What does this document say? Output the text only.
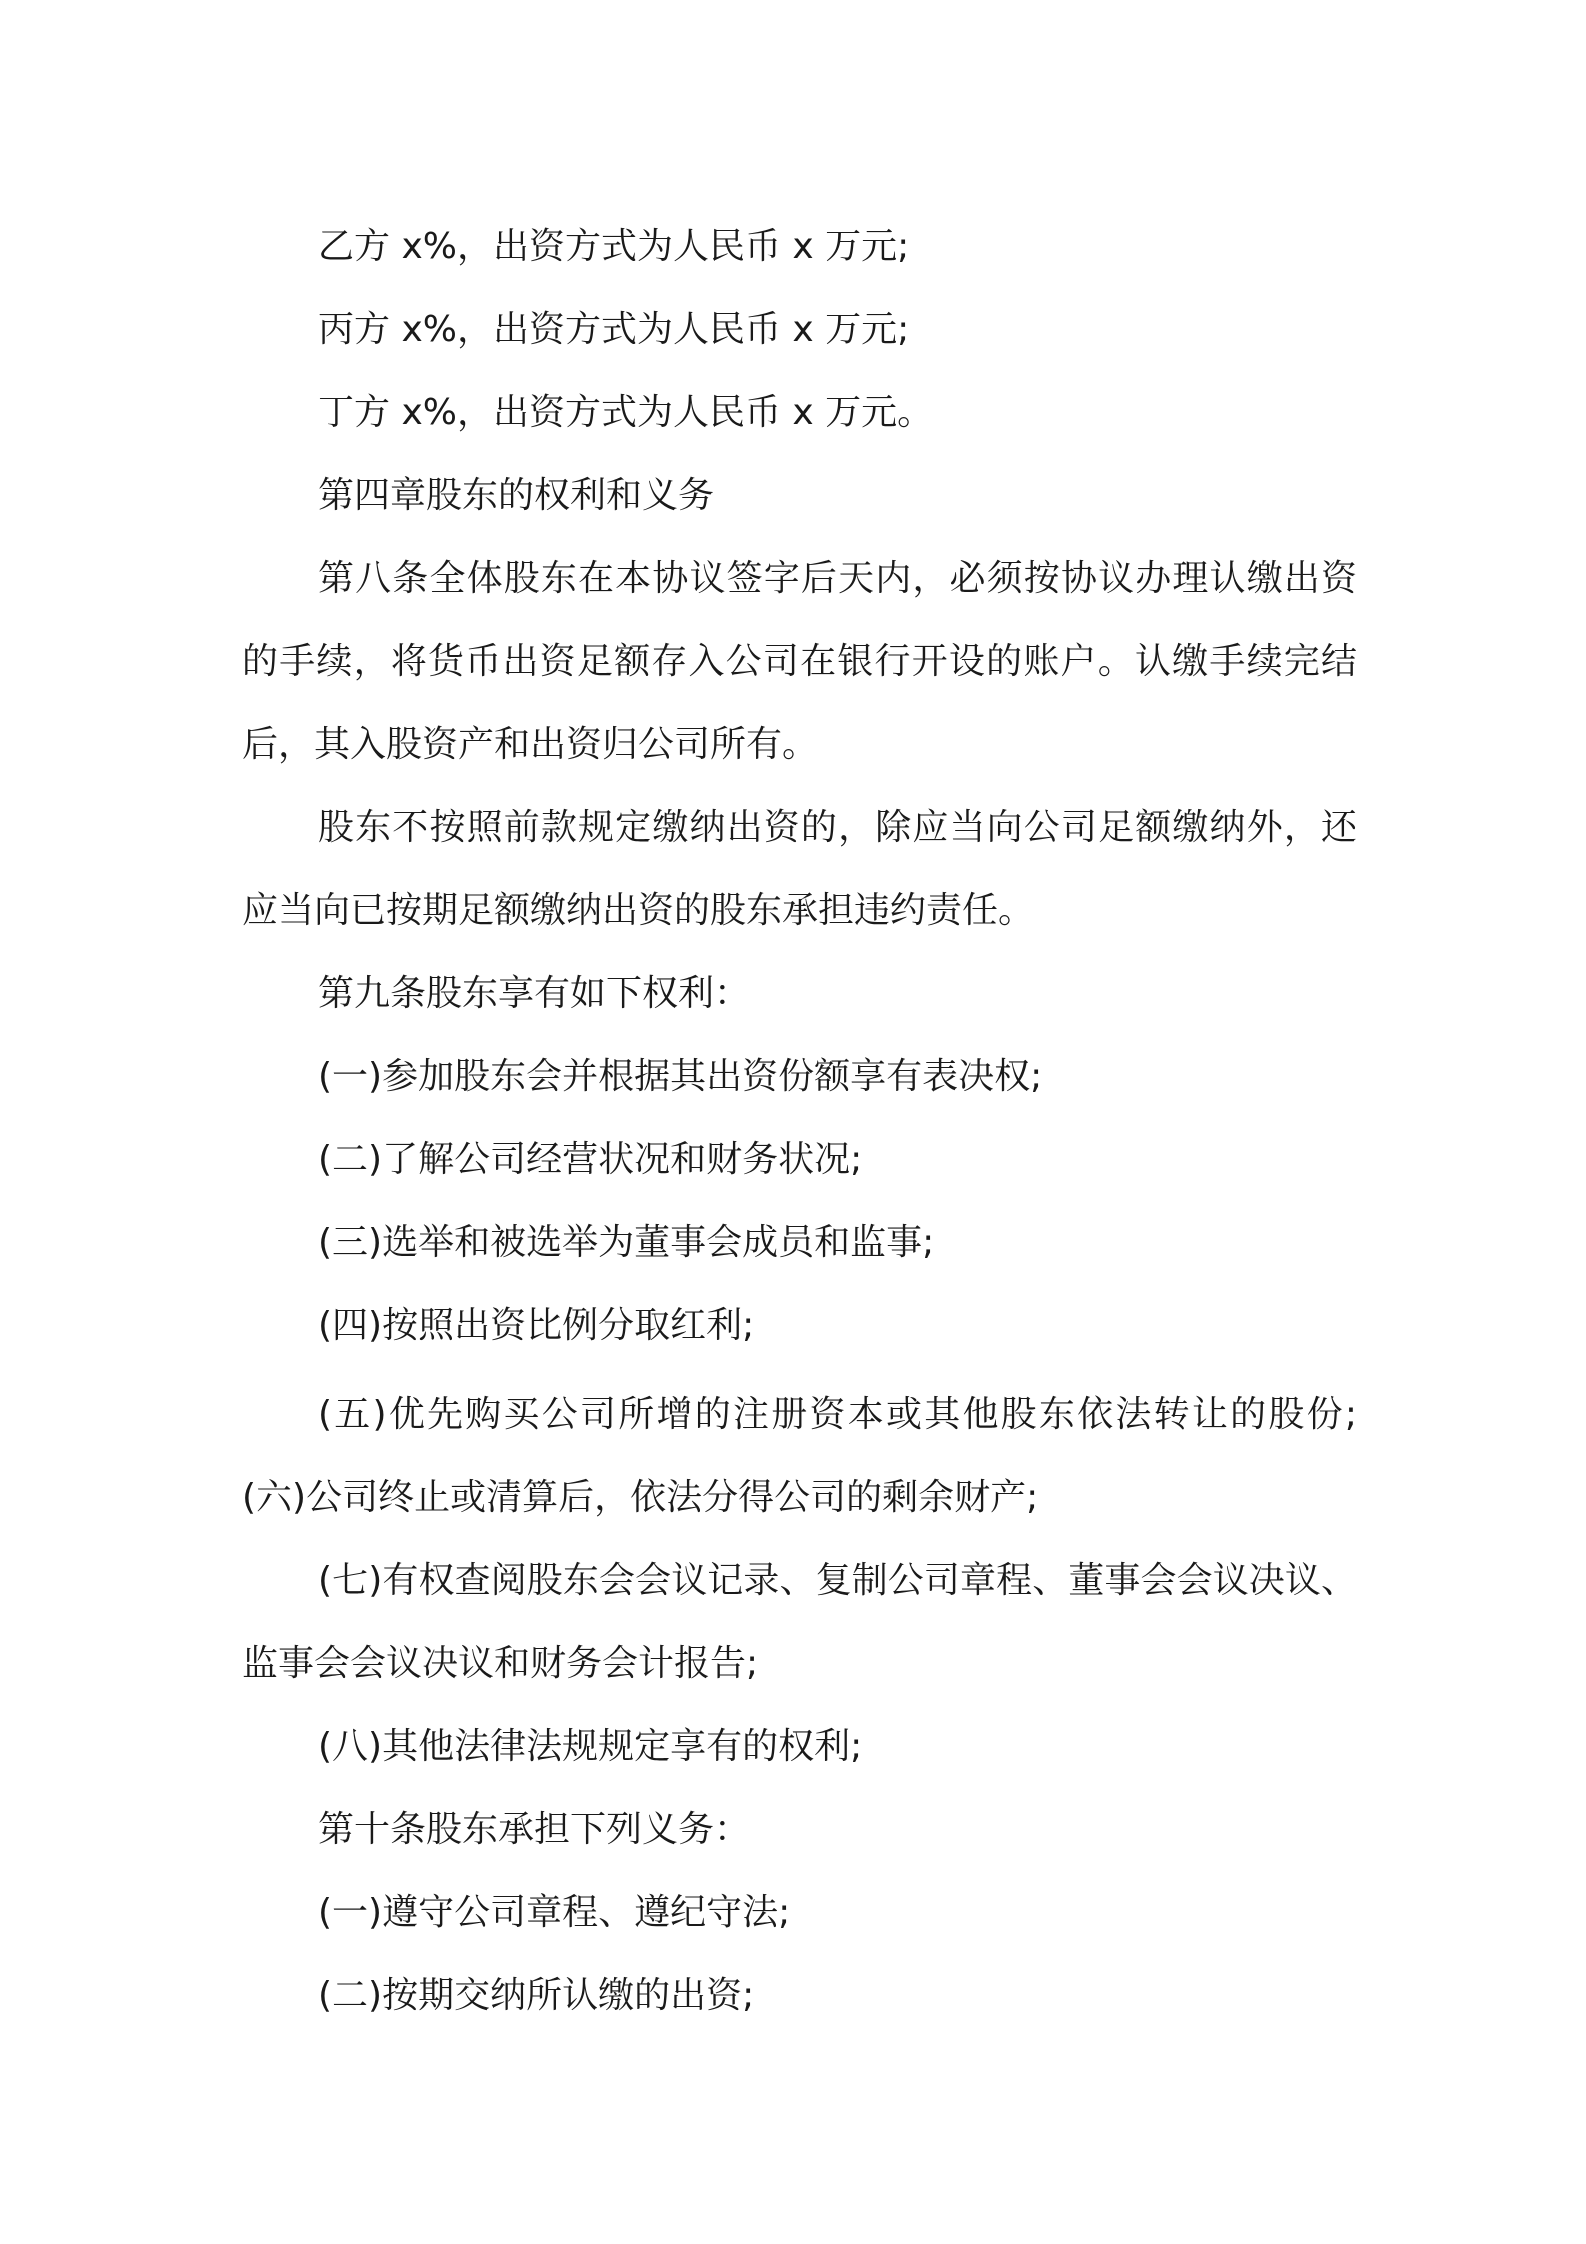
乙方 x%，出资方式为人民币 x 万元;
丙方 x%，出资方式为人民币 x 万元;
丁方 x%，出资方式为人民币 x 万元。
第四章股东的权利和义务
第八条全体股东在本协议签字后天内，必须按协议办理认缴出资
的手续，将货币出资足额存入公司在银行开设的账户。认缴手续完结
后，其入股资产和出资归公司所有。
股东不按照前款规定缴纳出资的，除应当向公司足额缴纳外，还
应当向已按期足额缴纳出资的股东承担违约责任。
第九条股东享有如下权利：
(一)参加股东会并根据其出资份额享有表决权;
(二)了解公司经营状况和财务状况;
(三)选举和被选举为董事会成员和监事;
(四)按照出资比例分取红利;
(五)优先购买公司所增的注册资本或其他股东依法转让的股份;
(六)公司终止或清算后，依法分得公司的剩余财产;
(七)有权查阅股东会会议记录、复制公司章程、董事会会议决议、
监事会会议决议和财务会计报告;
(八)其他法律法规规定享有的权利;
第十条股东承担下列义务：
(一)遵守公司章程、遵纪守法;
(二)按期交纳所认缴的出资;
